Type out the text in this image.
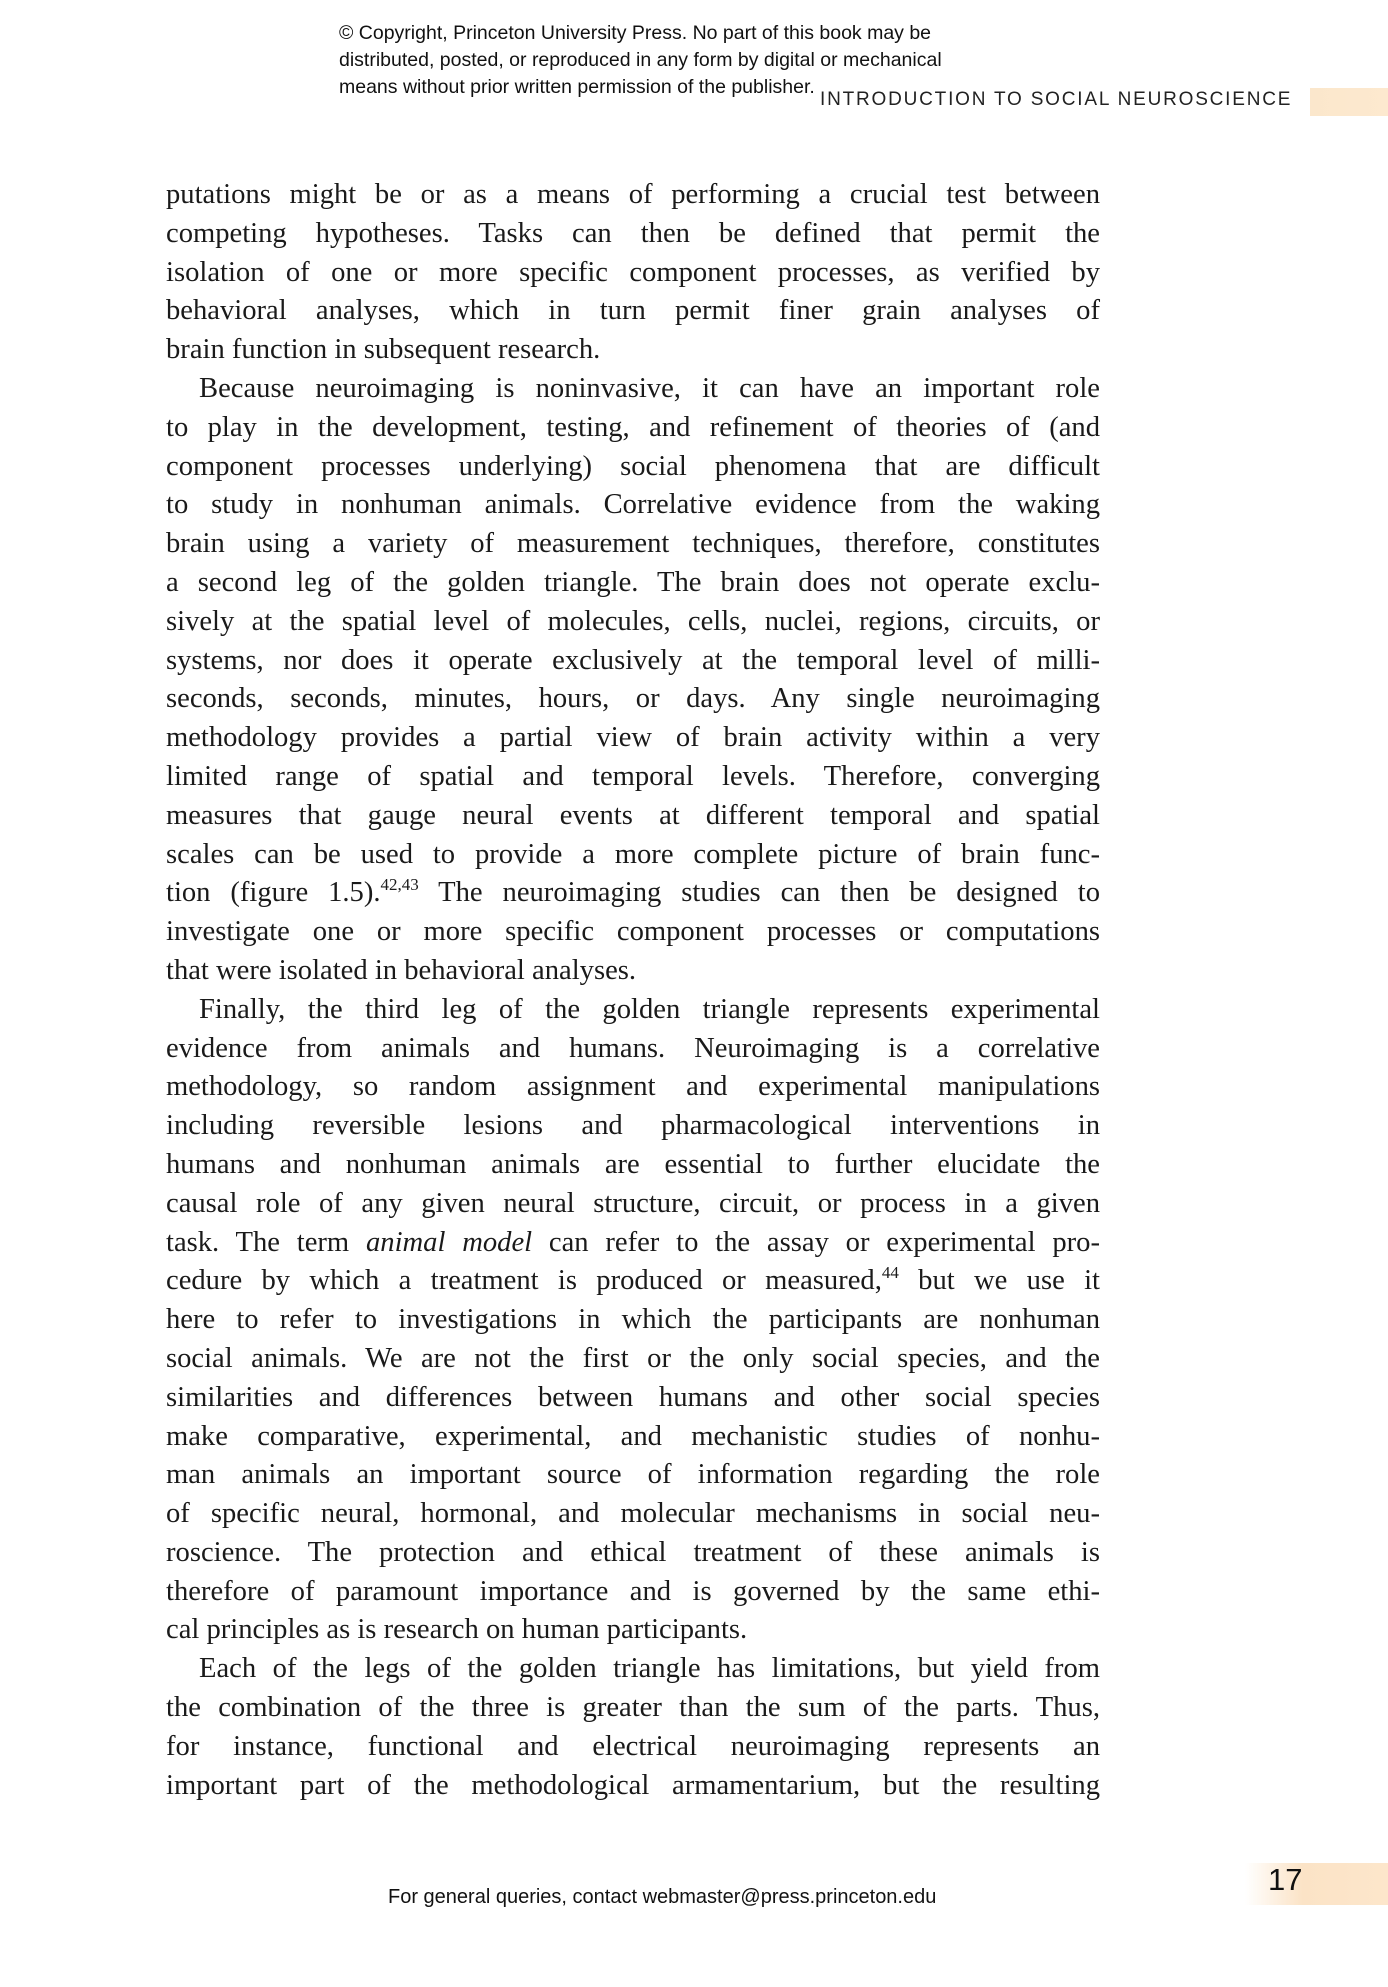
© Copyright, Princeton University Press. No part of this book may be
distributed, posted, or reproduced in any form by digital or mechanical
means without prior written permission of the publisher.
INTRODUCTION TO SOCIAL NEUROSCIENCE
putations might be or as a means of performing a crucial test between
competing hypotheses. Tasks can then be defined that permit the
isolation of one or more specific component processes, as verified by
behavioral analyses, which in turn permit finer grain analyses of
brain function in subsequent research.
Because neuroimaging is noninvasive, it can have an important role
to play in the development, testing, and refinement of theories of (and
component processes underlying) social phenomena that are difficult
to study in nonhuman animals. Correlative evidence from the waking
brain using a variety of measurement techniques, therefore, constitutes
a second leg of the golden triangle. The brain does not operate exclu-
sively at the spatial level of molecules, cells, nuclei, regions, circuits, or
systems, nor does it operate exclusively at the temporal level of milli-
seconds, seconds, minutes, hours, or days. Any single neuroimaging
methodology provides a partial view of brain activity within a very
limited range of spatial and temporal levels. Therefore, converging
measures that gauge neural events at different temporal and spatial
scales can be used to provide a more complete picture of brain func-
tion (figure 1.5).$^{42,43}$ The neuroimaging studies can then be designed to
investigate one or more specific component processes or computations
that were isolated in behavioral analyses.
Finally, the third leg of the golden triangle represents experimental
evidence from animals and humans. Neuroimaging is a correlative
methodology, so random assignment and experimental manipulations
including reversible lesions and pharmacological interventions in
humans and nonhuman animals are essential to further elucidate the
causal role of any given neural structure, circuit, or process in a given
task. The term animal model can refer to the assay or experimental pro-
cedure by which a treatment is produced or measured,$^{44}$ but we use it
here to refer to investigations in which the participants are nonhuman
social animals. We are not the first or the only social species, and the
similarities and differences between humans and other social species
make comparative, experimental, and mechanistic studies of nonhu-
man animals an important source of information regarding the role
of specific neural, hormonal, and molecular mechanisms in social neu-
roscience. The protection and ethical treatment of these animals is
therefore of paramount importance and is governed by the same ethi-
cal principles as is research on human participants.
Each of the legs of the golden triangle has limitations, but yield from
the combination of the three is greater than the sum of the parts. Thus,
for instance, functional and electrical neuroimaging represents an
important part of the methodological armamentarium, but the resulting
17
For general queries, contact webmaster@press.princeton.edu
